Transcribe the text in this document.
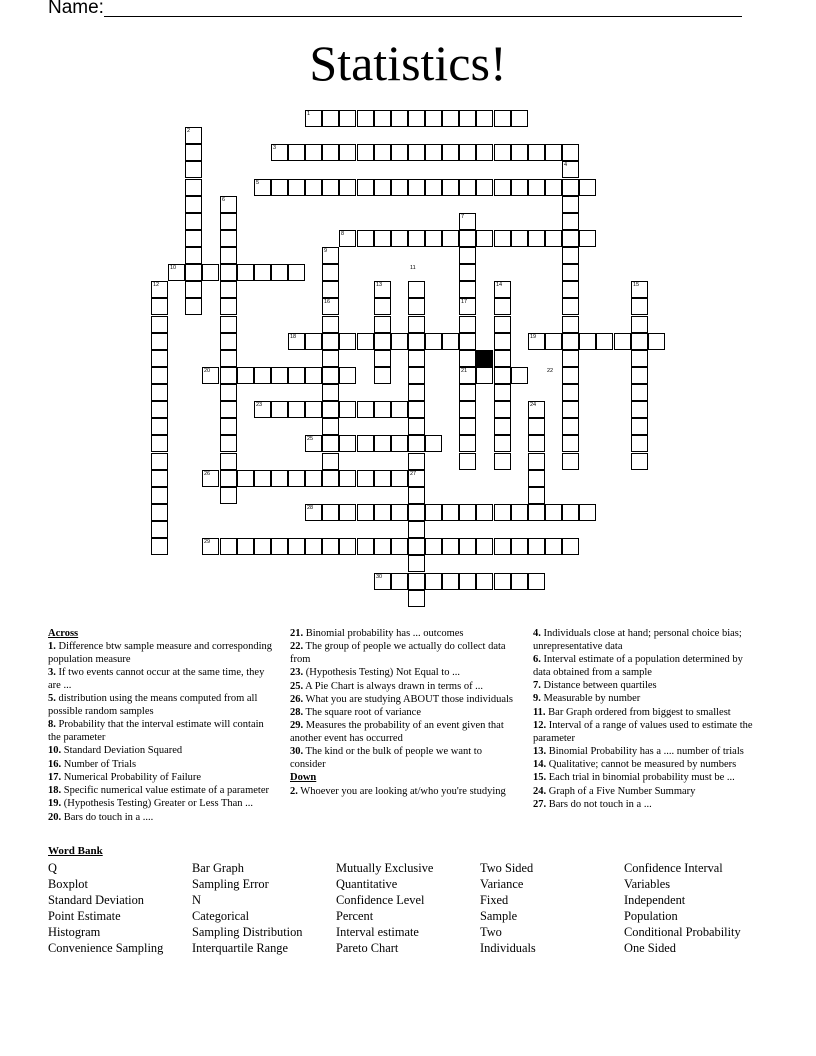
Name:
Statistics!
1
2
3
4
5
6
7
8
9
10	11
12	13	14	15
16	17
18	19
20	21	22
23	24
25
26	27
28
29
30
Across
1. Difference btw sample measure and corresponding population measure
3. If two events cannot occur at the same time, they are ...
5. distribution using the means computed from all possible random samples
8. Probability that the interval estimate will contain the parameter
10. Standard Deviation Squared
16. Number of Trials
17. Numerical Probability of Failure
18. Specific numerical value estimate of a parameter
19. (Hypothesis Testing) Greater or Less Than ...
20. Bars do touch in a ....
21. Binomial probability has ... outcomes
22. The group of people we actually do collect data from
23. (Hypothesis Testing) Not Equal to ...
25. A Pie Chart is always drawn in terms of ...
26. What you are studying ABOUT those individuals
28. The square root of variance
29. Measures the probability of an event given that another event has occurred
30. The kind or the bulk of people we want to consider
Down
2. Whoever you are looking at/who you're studying
4. Individuals close at hand; personal choice bias; unrepresentative data
6. Interval estimate of a population determined by data obtained from a sample
7. Distance between quartiles
9. Measurable by number
11. Bar Graph ordered from biggest to smallest
12. Interval of a range of values used to estimate the parameter
13. Binomial Probability has a .... number of trials
14. Qualitative; cannot be measured by numbers
15. Each trial in binomial probability must be ...
24. Graph of a Five Number Summary
27. Bars do not touch in a ...
Word Bank
Q
Boxplot
Standard Deviation
Point Estimate
Histogram
Convenience Sampling
Bar Graph
Sampling Error
N
Categorical
Sampling Distribution
Interquartile Range
Mutually Exclusive
Quantitative
Confidence Level
Percent
Interval estimate
Pareto Chart
Two Sided
Variance
Fixed
Sample
Two
Individuals
Confidence Interval
Variables
Independent
Population
Conditional Probability
One Sided
